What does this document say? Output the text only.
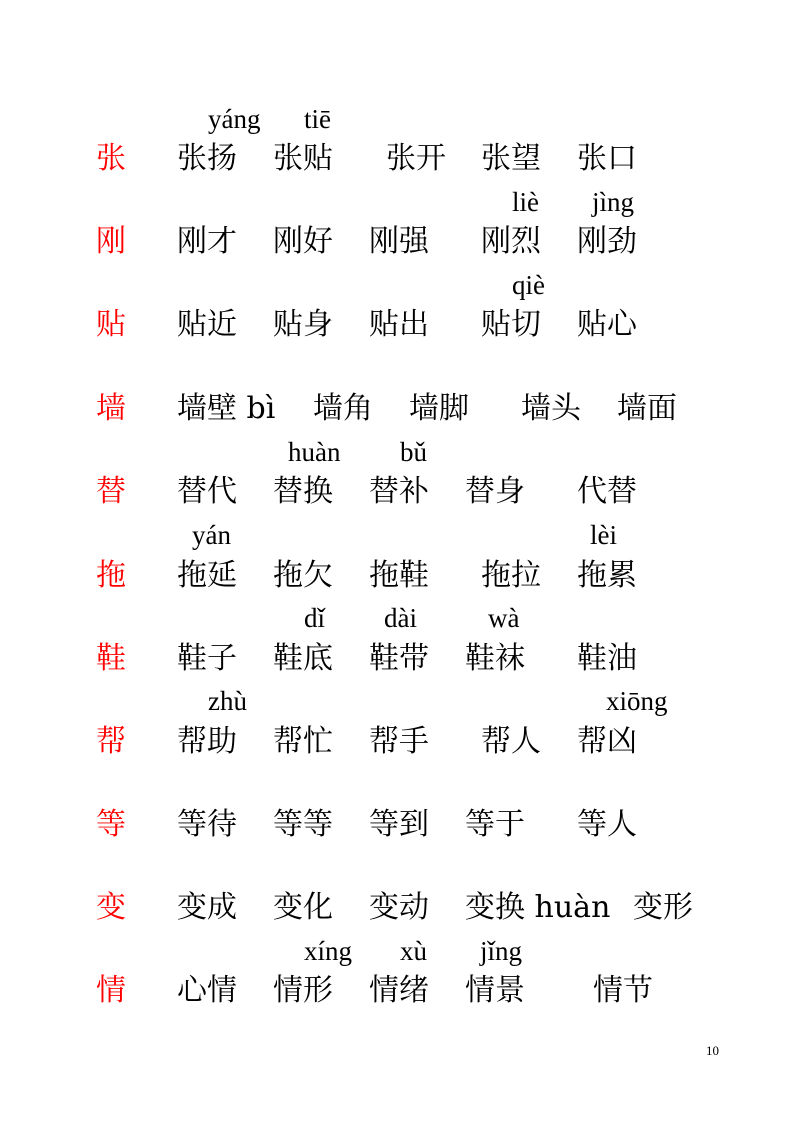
yáng tiē
张 张扬 张贴 张开 张望 张口
liè jìng
刚 刚才 刚好 刚强 刚烈 刚劲
qiè
贴 贴近 贴身 贴出 贴切 贴心
墙 墙壁 bì 墙角 墙脚 墙头 墙面
huàn bǔ
替 替代 替换 替补 替身 代替
yán	lèi
拖 拖延 拖欠 拖鞋 拖拉 拖累
dǐ dài	wà
鞋 鞋子 鞋底 鞋带 鞋袜 鞋油
zhù	xiōng
帮 帮助 帮忙 帮手 帮人 帮凶
等 等待 等等 等到 等于 等人
变 变成 变化 变动 变换 huàn 变形
xíng xù jǐng
情 心情 情形 情绪 情景 情节
10
